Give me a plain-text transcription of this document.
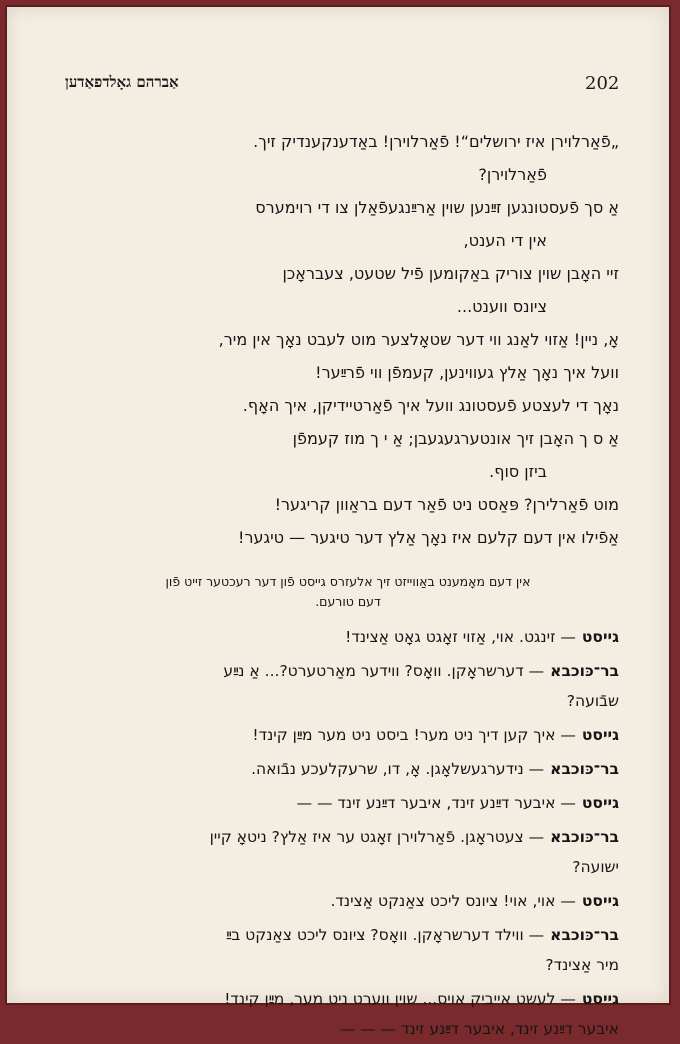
אַברהם גאָלדפאַדען	202
„פֿאַרלוירן איז ירושלים“! פֿאַרלוירן! באַדענקענדיק זיך.
פֿאַרלוירן?
אַ סך פֿעסטונגען זײַנען שוין אַרײַנגעפֿאַלן צו די רוימערס
אין די הענט,
זיי האָבן שוין צוריק באַקומען פֿיל שטעט, צעבראָכן
ציונס ווענט...
אָ, ניין! אַזוי לאַנג ווי דער שטאָלצער מוט לעבט נאָך אין מיר,
וועל איך נאָך אַלץ געווינען, קעמפֿן ווי פֿרײַער!
נאָך די לעצטע פֿעסטונג וועל איך פֿאַרטיידיקן, איך האָף.
אַ ס ך האָבן זיך אונטערגעגעבן; אַ י ך מוז קעמפֿן
ביזן סוף.
מוט פֿאַרלירן? פּאַסט ניט פֿאַר דעם בראַוון קריגער!
אַפֿילו אין דעם קלעם איז נאָך אַלץ דער טיגער — טיגער!
אין דעם מאָמענט באַווייזט זיך אלעזרס גייסט פֿון דער רעכטער זייט פֿון
דעם טורעם.
גייסט— זינגט. אוי, אַזוי זאָגט גאָט אַצינד!
בר־כּוכבא— דערשראָקן. וואָס? ווידער מאַרטערט?... אַ נײַע
שבֿועה?
גייסט— איך קען דיך ניט מער! ביסט ניט מער מײַן קינד!
בר־כּוכבא— נידערגעשלאָגן. אָ, דו, שרעקלעכע נבֿואה.
גייסט— איבער דײַנע זינד, איבער דײַנע זינד — —
בר־כּוכבא— צעטראָגן. פֿאַרלוירן זאָגט ער איז אַלץ? ניטאָ קיין
ישועה?
גייסט— אוי, אוי! ציונס ליכט צאַנקט אַצינד.
בר־כּוכבא— ווילד דערשראָקן. וואָס? ציונס ליכט צאַנקט בײַ
מיר אַצינד?
גייסט— לעשט אייביק אויס... שוין ווערט ניט מער, מײַן קינד!
איבער דײַנע זינד, איבער דײַנע זינד — — —
